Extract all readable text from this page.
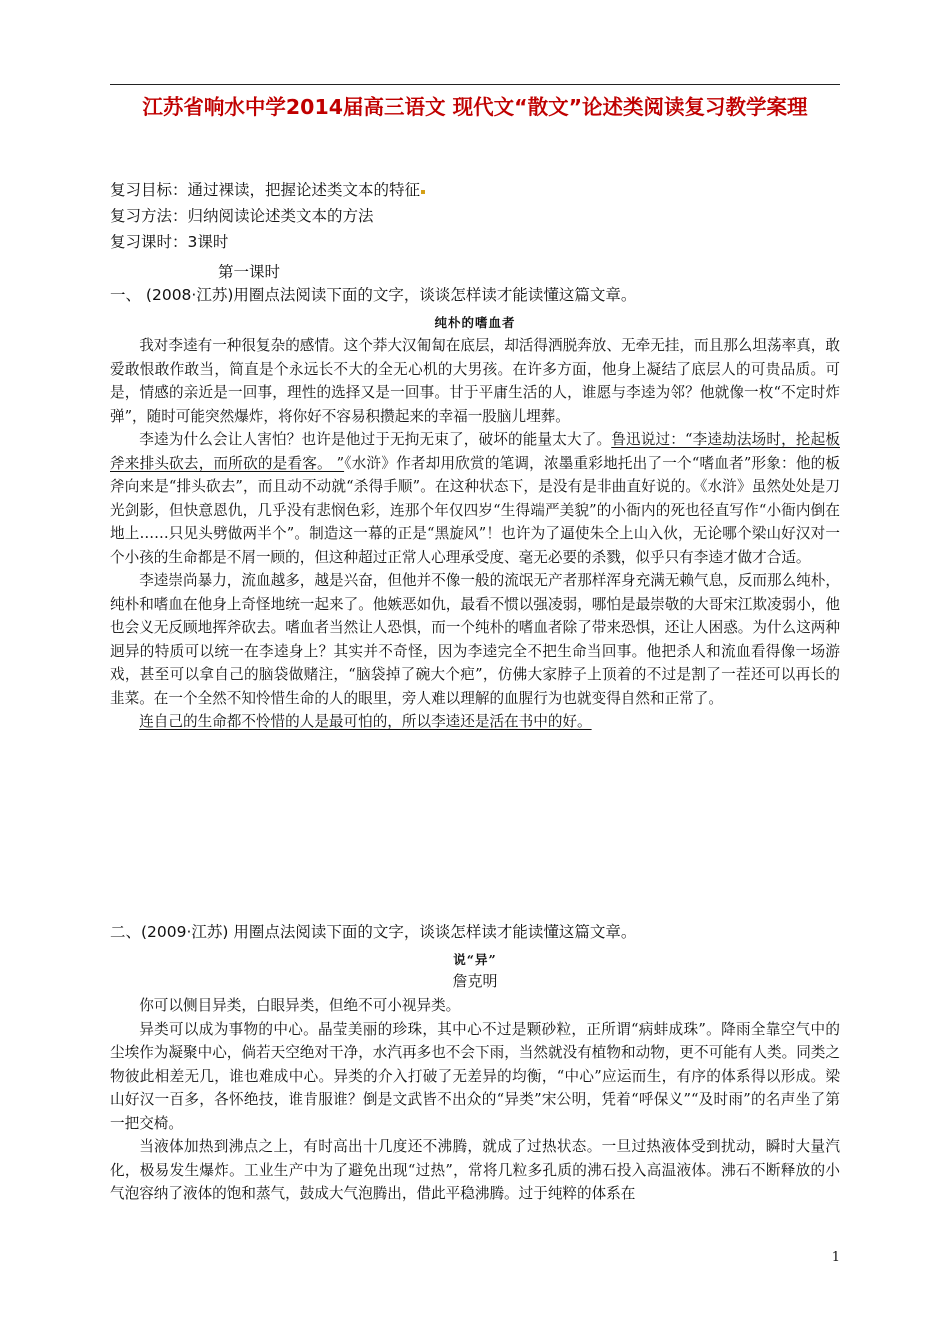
江苏省响水中学2014届高三语文 现代文“散文”论述类阅读复习教学案理
复习目标：通过裸读，把握论述类文本的特征
复习方法：归纳阅读论述类文本的方法
复习课时：3课时
第一课时
一、 (2008·江苏)用圈点法阅读下面的文字，谈谈怎样读才能读懂这篇文章。
纯朴的嗜血者

我对李逵有一种很复杂的感情。这个莽大汉匍匐在底层，却活得洒脱奔放、无牵无挂，而且那么坦荡率真，敢爱敢恨敢作敢当，简直是个永远长不大的全无心机的大男孩。在许多方面，他身上凝结了底层人的可贵品质。可是，情感的亲近是一回事，理性的选择又是一回事。甘于平庸生活的人，谁愿与李逵为邻？他就像一枚“不定时炸弹”，随时可能突然爆炸，将你好不容易积攒起来的幸福一股脑儿埋葬。

李逵为什么会让人害怕？也许是他过于无拘无束了，破坏的能量太大了。鲁迅说过：“李逵劫法场时，抡起板斧来排头砍去，而所砍的是看客。 ”《水浒》作者却用欣赏的笔调，浓墨重彩地托出了一个“嗜血者”形象：他的板斧向来是“排头砍去”，而且动不动就“杀得手顺”。在这种状态下，是没有是非曲直好说的。《水浒》虽然处处是刀光剑影，但快意恩仇，几乎没有悲悯色彩，连那个年仅四岁“生得端严美貌”的小衙内的死也径直写作“小衙内倒在地上……只见头劈做两半个”。制造这一幕的正是“黑旋风”！也许为了逼使朱仝上山入伙，无论哪个梁山好汉对一个小孩的生命都是不屑一顾的，但这种超过正常人心理承受度、毫无必要的杀戮，似乎只有李逵才做才合适。

李逵崇尚暴力，流血越多，越是兴奋，但他并不像一般的流氓无产者那样浑身充满无赖气息，反而那么纯朴，纯朴和嗜血在他身上奇怪地统一起来了。他嫉恶如仇，最看不惯以强凌弱，哪怕是最崇敬的大哥宋江欺凌弱小，他也会义无反顾地挥斧砍去。嗜血者当然让人恐惧，而一个纯朴的嗜血者除了带来恐惧，还让人困惑。为什么这两种迥异的特质可以统一在李逵身上？其实并不奇怪，因为李逵完全不把生命当回事。他把杀人和流血看得像一场游戏，甚至可以拿自己的脑袋做赌注，“脑袋掉了碗大个疤”，仿佛大家脖子上顶着的不过是割了一茬还可以再长的韭菜。在一个全然不知怜惜生命的人的眼里，旁人难以理解的血腥行为也就变得自然和正常了。

连自己的生命都不怜惜的人是最可怕的，所以李逵还是活在书中的好。

二、(2009·江苏) 用圈点法阅读下面的文字，谈谈怎样读才能读懂这篇文章。
说“异”
詹克明

你可以侧目异类，白眼异类，但绝不可小视异类。

异类可以成为事物的中心。晶莹美丽的珍珠，其中心不过是颗砂粒，正所谓“病蚌成珠”。降雨全靠空气中的尘埃作为凝聚中心，倘若天空绝对干净，水汽再多也不会下雨，当然就没有植物和动物，更不可能有人类。同类之物彼此相差无几，谁也难成中心。异类的介入打破了无差异的均衡，“中心”应运而生，有序的体系得以形成。梁山好汉一百多，各怀绝技，谁肯服谁？倒是文武皆不出众的“异类”宋公明，凭着“呼保义”“及时雨”的名声坐了第一把交椅。

当液体加热到沸点之上，有时高出十几度还不沸腾，就成了过热状态。一旦过热液体受到扰动，瞬时大量汽化，极易发生爆炸。工业生产中为了避免出现“过热”，常将几粒多孔质的沸石投入高温液体。沸石不断释放的小气泡容纳了液体的饱和蒸气，鼓成大气泡腾出，借此平稳沸腾。过于纯粹的体系在

1
